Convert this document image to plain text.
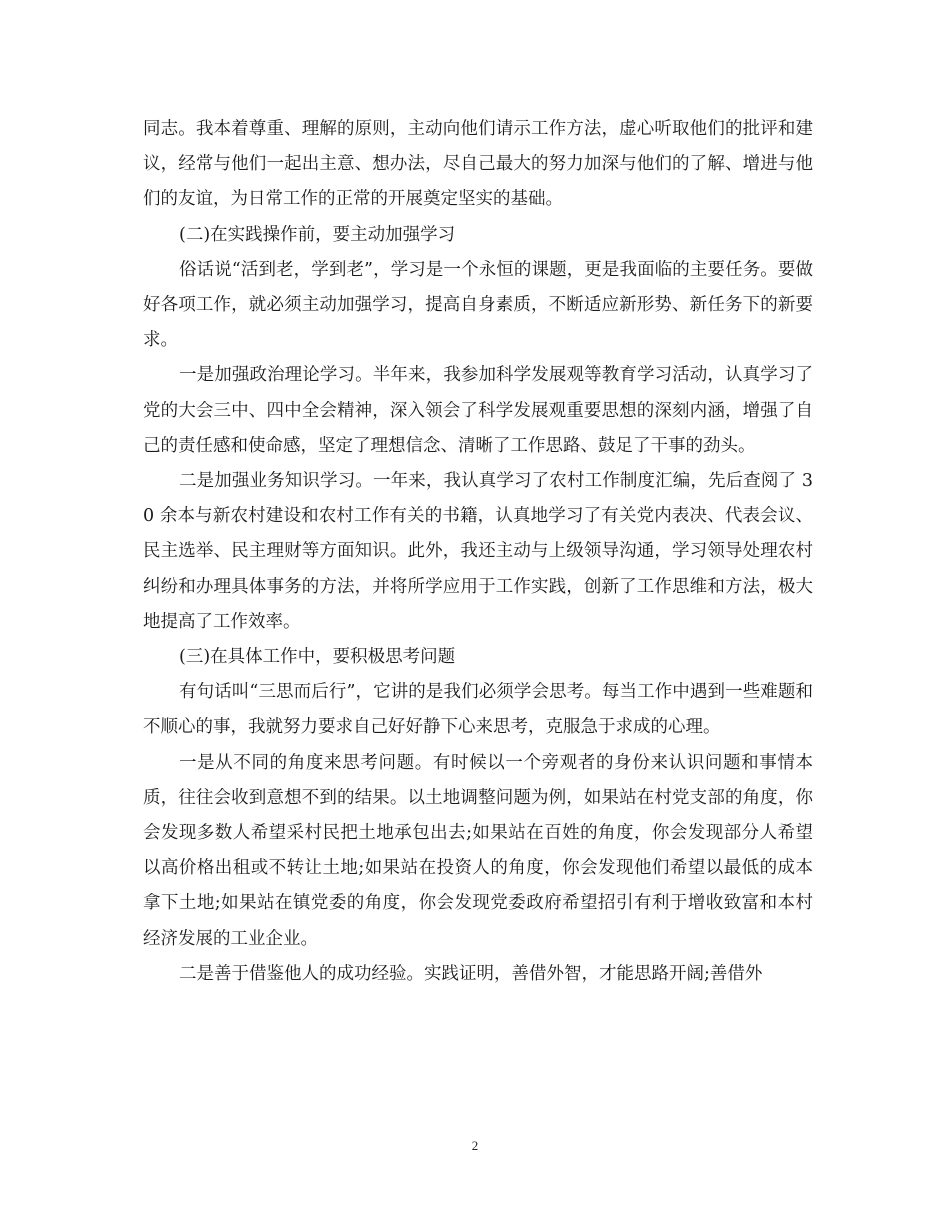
同志。我本着尊重、理解的原则，主动向他们请示工作方法，虚心听取他们的批评和建议，经常与他们一起出主意、想办法，尽自己最大的努力加深与他们的了解、增进与他们的友谊，为日常工作的正常的开展奠定坚实的基础。

(二)在实践操作前，要主动加强学习

俗话说“活到老，学到老”，学习是一个永恒的课题，更是我面临的主要任务。要做好各项工作，就必须主动加强学习，提高自身素质，不断适应新形势、新任务下的新要求。

一是加强政治理论学习。半年来，我参加科学发展观等教育学习活动，认真学习了党的大会三中、四中全会精神，深入领会了科学发展观重要思想的深刻内涵，增强了自己的责任感和使命感，坚定了理想信念、清晰了工作思路、鼓足了干事的劲头。

二是加强业务知识学习。一年来，我认真学习了农村工作制度汇编，先后查阅了 30 余本与新农村建设和农村工作有关的书籍，认真地学习了有关党内表决、代表会议、民主选举、民主理财等方面知识。此外，我还主动与上级领导沟通，学习领导处理农村纠纷和办理具体事务的方法，并将所学应用于工作实践，创新了工作思维和方法，极大地提高了工作效率。

(三)在具体工作中，要积极思考问题

有句话叫“三思而后行”，它讲的是我们必须学会思考。每当工作中遇到一些难题和不顺心的事，我就努力要求自己好好静下心来思考，克服急于求成的心理。

一是从不同的角度来思考问题。有时候以一个旁观者的身份来认识问题和事情本质，往往会收到意想不到的结果。以土地调整问题为例，如果站在村党支部的角度，你会发现多数人希望采村民把土地承包出去;如果站在百姓的角度，你会发现部分人希望以高价格出租或不转让土地;如果站在投资人的角度，你会发现他们希望以最低的成本拿下土地;如果站在镇党委的角度，你会发现党委政府希望招引有利于增收致富和本村经济发展的工业企业。

二是善于借鉴他人的成功经验。实践证明，善借外智，才能思路开阔;善借外

2
